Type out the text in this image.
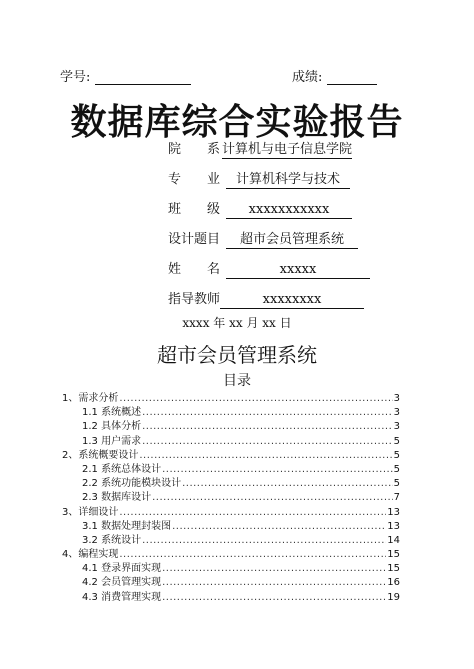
学号:	成绩:
数据库综合实验报告
院　　系 计算机与电子信息学院
专　　业	计算机科学与技术
班　　级	xxxxxxxxxxx
设计题目	超市会员管理系统
姓　　名	xxxxx
指导教师	xxxxxxxx
xxxx 年 xx 月 xx 日
超市会员管理系统
目录
1、需求分析 .....	3
1.1 系统概述 .....	3
1.2 具体分析 .....	3
1.3 用户需求 .....	5
2、系统概要设计 .....	5
2.1 系统总体设计 .....	5
2.2 系统功能模块设计 .....	5
2.3 数据库设计 .....	7
3、详细设计 .....	13
3.1 数据处理封装图 .....	13
3.2 系统设计 .....	14
4、编程实现 .....	15
4.1 登录界面实现 .....	15
4.2 会员管理实现 .....	16
4.3 消费管理实现 .....	19
